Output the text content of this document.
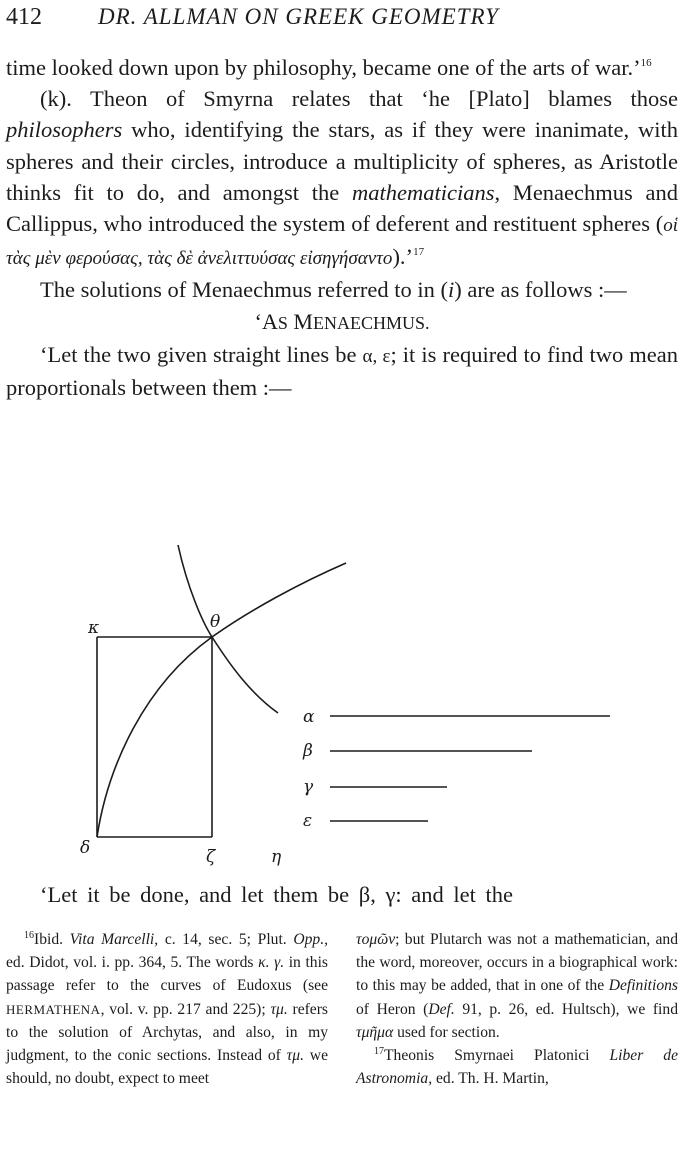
412 DR. ALLMAN ON GREEK GEOMETRY

time looked down upon by philosophy, became one of the arts of war.’$^{16}$

(k). Theon of Smyrna relates that ‘he [Plato] blames those philosophers who, identifying the stars, as if they were inanimate, with spheres and their circles, introduce a multiplicity of spheres, as Aristotle thinks fit to do, and amongst the mathematicians, Menaechmus and Callippus, who introduced the system of deferent and restituent spheres (οἱ τὰς μὲν φερούσας, τὰς δὲ ἀνελιττυύσας εἰσηγήσαντο).’$^{17}$

The solutions of Menaechmus referred to in (i) are as follows :—

‘AS MENAECHMUS.

‘Let the two given straight lines be α, ε; it is required to find two mean proportionals between them :—

κ	θ
δ	ζ	η
α
β
γ
ε
‘Let it be done, and let them be β, γ: and let the

$^{16}$Ibid. Vita Marcelli, c. 14, sec. 5; Plut. Opp., ed. Didot, vol. i. pp. 364, 5. The words κ. γ. in this passage refer to the curves of Eudoxus (see HERMATHENA, vol. v. pp. 217 and 225); τμ. refers to the solution of Archytas, and also, in my judgment, to the conic sections. Instead of τμ. we should, no doubt, expect to meet

τομῶν; but Plutarch was not a mathematician, and the word, moreover, occurs in a biographical work: to this may be added, that in one of the Definitions of Heron (Def. 91, p. 26, ed. Hultsch), we find τμῆμα used for section.

$^{17}$Theonis Smyrnaei Platonici Liber de Astronomia, ed. Th. H. Martin,
